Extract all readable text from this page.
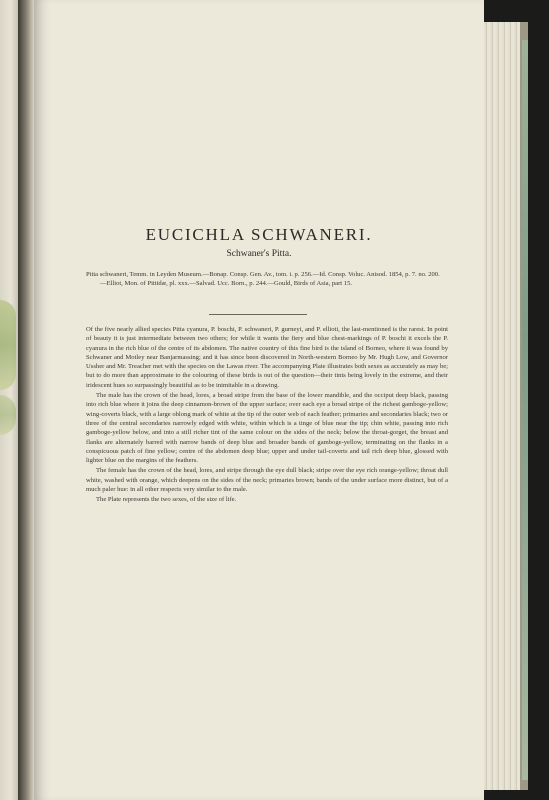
EUCICHLA SCHWANERI.
Schwaner's Pitta.

Pitta schwaneri, Temm. in Leyden Museum.—Bonap. Consp. Gen. Av., tom. i. p. 256.—Id. Consp. Voluc. Anisod. 1854, p. 7. no. 200.—Elliot, Mon. of Pittidæ, pl. xxx.—Salvad. Ucc. Born., p. 244.—Gould, Birds of Asia, part 15.

Of the five nearly allied species Pitta cyanura, P. boschi, P. schwaneri, P. gurneyi, and P. ellioti, the last-mentioned is the rarest. In point of beauty it is just intermediate between two others; for while it wants the fiery and blue chest-markings of P. boschi it excels the P. cyanura in the rich blue of the centre of its abdomen. The native country of this fine bird is the island of Borneo, where it was found by Schwaner and Motley near Banjarmassing; and it has since been discovered in North-western Borneo by Mr. Hugh Low, and Governor Ussher and Mr. Treacher met with the species on the Lawas river. The accompanying Plate illustrates both sexes as accurately as may be; but to do more than approximate to the colouring of these birds is out of the question—their tints being lovely in the extreme, and their iridescent hues so surpassingly beautiful as to be inimitable in a drawing.

The male has the crown of the head, lores, a broad stripe from the base of the lower mandible, and the occiput deep black, passing into rich blue where it joins the deep cinnamon-brown of the upper surface; over each eye a broad stripe of the richest gamboge-yellow; wing-coverts black, with a large oblong mark of white at the tip of the outer web of each feather; primaries and secondaries black; two or three of the central secondaries narrowly edged with white, within which is a tinge of blue near the tip; chin white, passing into rich gamboge-yellow below, and into a still richer tint of the same colour on the sides of the neck; below the throat-gorget, the breast and flanks are alternately barred with narrow bands of deep blue and broader bands of gamboge-yellow, terminating on the flanks in a conspicuous patch of fine yellow; centre of the abdomen deep blue; upper and under tail-coverts and tail rich deep blue, glossed with lighter blue on the margins of the feathers.

The female has the crown of the head, lores, and stripe through the eye dull black; stripe over the eye rich orange-yellow; throat dull white, washed with orange, which deepens on the sides of the neck; primaries brown; bands of the under surface more distinct, but of a much paler hue: in all other respects very similar to the male.

The Plate represents the two sexes, of the size of life.
